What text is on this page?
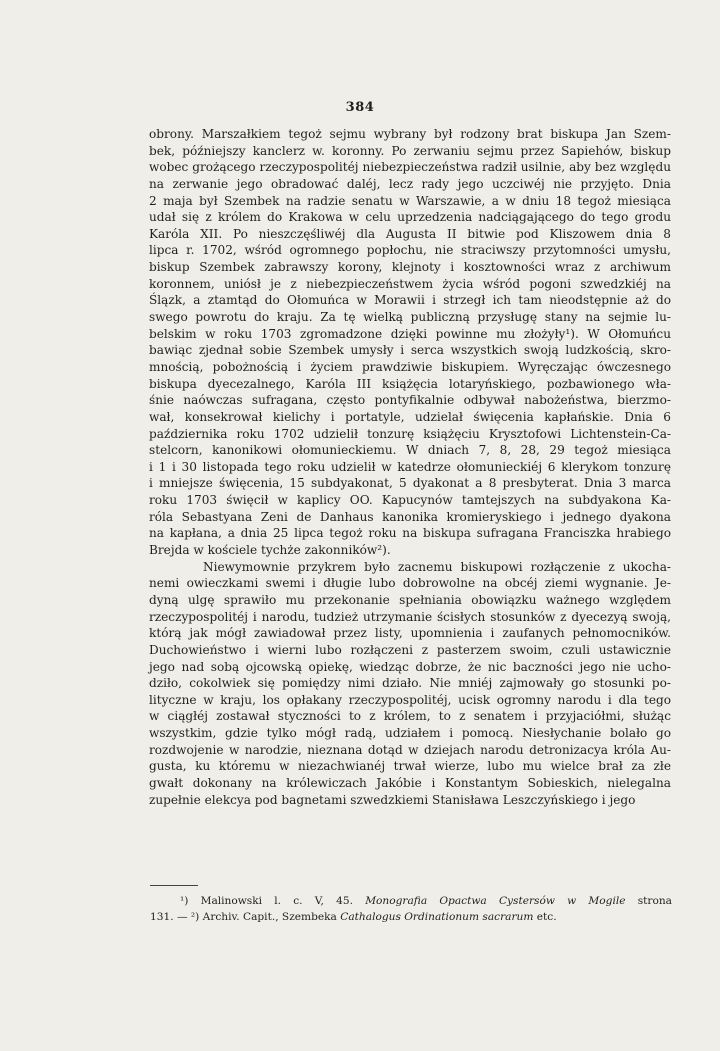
384
obrony. Marszałkiem tegoż sejmu wybrany był rodzony brat biskupa Jan Szem-
bek, późniejszy kanclerz w. koronny. Po zerwaniu sejmu przez Sapiehów, biskup
wobec grożącego rzeczypospolitéj niebezpieczeństwa radził usilnie, aby bez względu
na zerwanie jego obradować daléj, lecz rady jego uczciwéj nie przyjęto. Dnia
2 maja był Szembek na radzie senatu w Warszawie, a w dniu 18 tegoż miesiąca
udał się z królem do Krakowa w celu uprzedzenia nadciągającego do tego grodu
Karóla XII. Po nieszczęśliwéj dla Augusta II bitwie pod Kliszowem dnia 8
lipca r. 1702, wśród ogromnego popłochu, nie straciwszy przytomności umysłu,
biskup Szembek zabrawszy korony, klejnoty i kosztowności wraz z archiwum
koronnem, uniósł je z niebezpieczeństwem życia wśród pogoni szwedzkiéj na
Ślązk, a ztamtąd do Ołomuńca w Morawii i strzegł ich tam nieodstępnie aż do
swego powrotu do kraju. Za tę wielką publiczną przysługę stany na sejmie lu-
belskim w roku 1703 zgromadzone dzięki powinne mu złożyły¹). W Ołomuńcu
bawiąc zjednał sobie Szembek umysły i serca wszystkich swoją ludzkością, skro-
mnością, pobożnością i życiem prawdziwie biskupiem. Wyręczając ówczesnego
biskupa dyecezalnego, Karóla III książęcia lotaryńskiego, pozbawionego wła-
śnie naówczas sufragana, często pontyfikalnie odbywał nabożeństwa, bierzmo-
wał, konsekrował kielichy i portatyle, udzielał święcenia kapłańskie. Dnia 6
października roku 1702 udzielił tonzurę książęciu Krysztofowi Lichtenstein-Ca-
stelcorn, kanonikowi ołomunieckiemu. W dniach 7, 8, 28, 29 tegoż miesiąca
i 1 i 30 listopada tego roku udzielił w katedrze ołomunieckiéj 6 klerykom tonzurę
i mniejsze święcenia, 15 subdyakonat, 5 dyakonat a 8 presbyterat. Dnia 3 marca
roku 1703 święcił w kaplicy OO. Kapucynów tamtejszych na subdyakona Ka-
róla Sebastyana Zeni de Danhaus kanonika kromieryskiego i jednego dyakona
na kapłana, a dnia 25 lipca tegoż roku na biskupa sufragana Franciszka hrabiego
Brejda w kościele tychże zakonników²).
Niewymownie przykrem było zacnemu biskupowi rozłączenie z ukocha-
nemi owieczkami swemi i długie lubo dobrowolne na obcéj ziemi wygnanie. Je-
dyną ulgę sprawiło mu przekonanie spełniania obowiązku ważnego względem
rzeczypospolitéj i narodu, tudzież utrzymanie ścisłych stosunków z dyecezyą swoją,
którą jak mógł zawiadował przez listy, upomnienia i zaufanych pełnomocników.
Duchowieństwo i wierni lubo rozłączeni z pasterzem swoim, czuli ustawicznie
jego nad sobą ojcowską opiekę, wiedząc dobrze, że nic baczności jego nie ucho-
dziło, cokolwiek się pomiędzy nimi działo. Nie mniéj zajmowały go stosunki po-
lityczne w kraju, los opłakany rzeczypospolitéj, ucisk ogromny narodu i dla tego
w ciągłéj zostawał styczności to z królem, to z senatem i przyjaciółmi, służąc
wszystkim, gdzie tylko mógł radą, udziałem i pomocą. Niesłychanie bolało go
rozdwojenie w narodzie, nieznana dotąd w dziejach narodu detronizacya króla Au-
gusta, ku któremu w niezachwianéj trwał wierze, lubo mu wielce brał za złe
gwałt dokonany na królewiczach Jakóbie i Konstantym Sobieskich, nielegalna
zupełnie elekcya pod bagnetami szwedzkiemi Stanisława Leszczyńskiego i jego
¹) Malinowski l. c. V, 45. Monografia Opactwa Cystersów w Mogile strona
131. — ²) Archiv. Capit., Szembeka Cathalogus Ordinationum sacrarum etc.
